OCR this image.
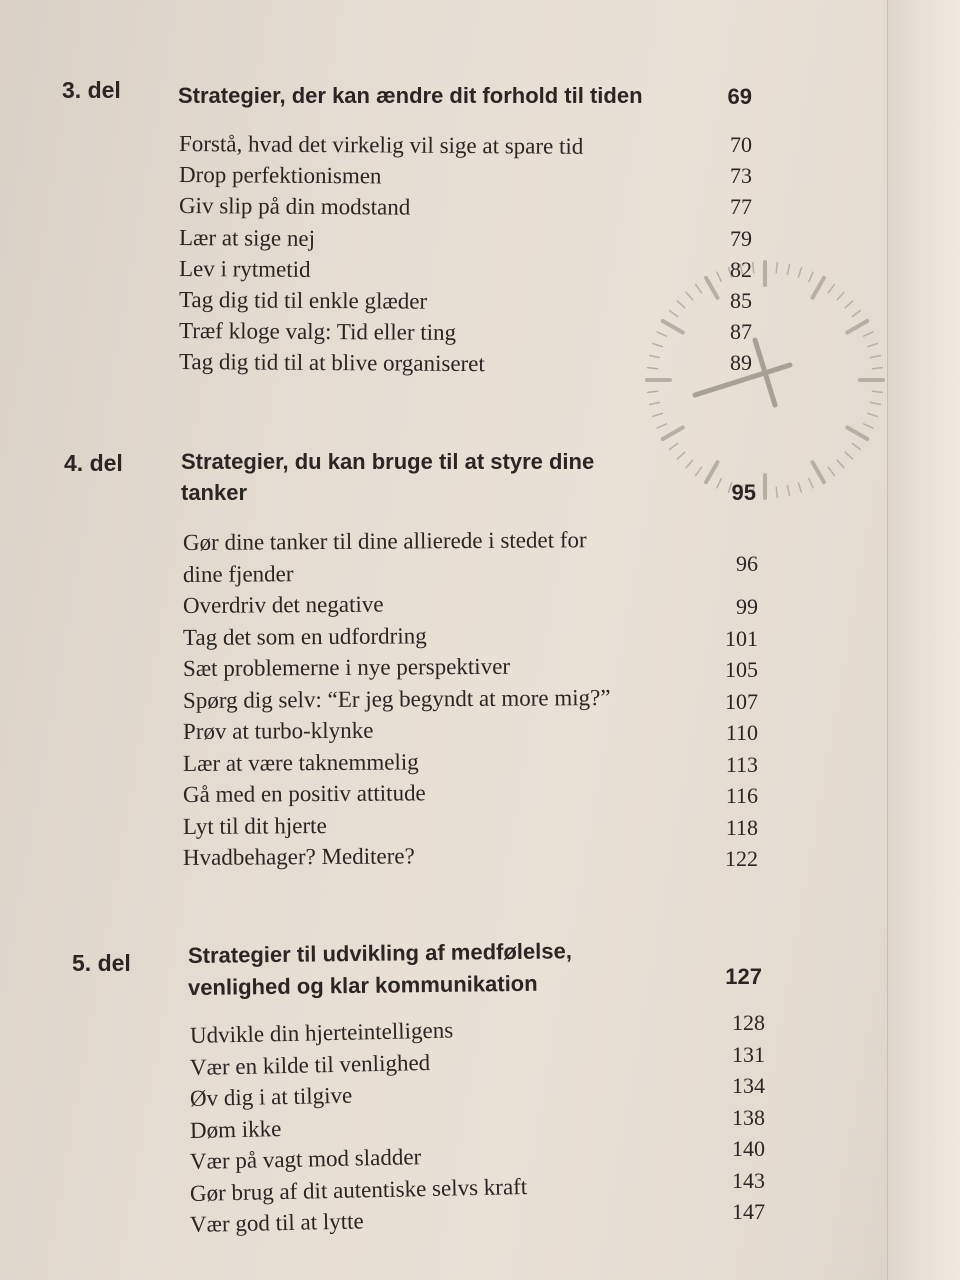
3. del	Strategier, der kan ændre dit forhold til tiden	69
Forstå, hvad det virkelig vil sige at spare tid	70
Drop perfektionismen	73
Giv slip på din modstand	77
Lær at sige nej	79
Lev i rytmetid	82
Tag dig tid til enkle glæder	85
Træf kloge valg: Tid eller ting	87
Tag dig tid til at blive organiseret	89
4. del	Strategier, du kan bruge til at styre dine
tanker	95
Gør dine tanker til dine allierede i stedet for
dine fjender	96
Overdriv det negative	99
Tag det som en udfordring	101
Sæt problemerne i nye perspektiver	105
Spørg dig selv: “Er jeg begyndt at more mig?”	107
Prøv at turbo-klynke	110
Lær at være taknemmelig	113
Gå med en positiv attitude	116
Lyt til dit hjerte	118
Hvadbehager? Meditere?	122
5. del	Strategier til udvikling af medfølelse,
venlighed og klar kommunikation	127
Udvikle din hjerteintelligens	128
Vær en kilde til venlighed	131
Øv dig i at tilgive	134
Døm ikke	138
Vær på vagt mod sladder	140
Gør brug af dit autentiske selvs kraft	143
Vær god til at lytte	147
